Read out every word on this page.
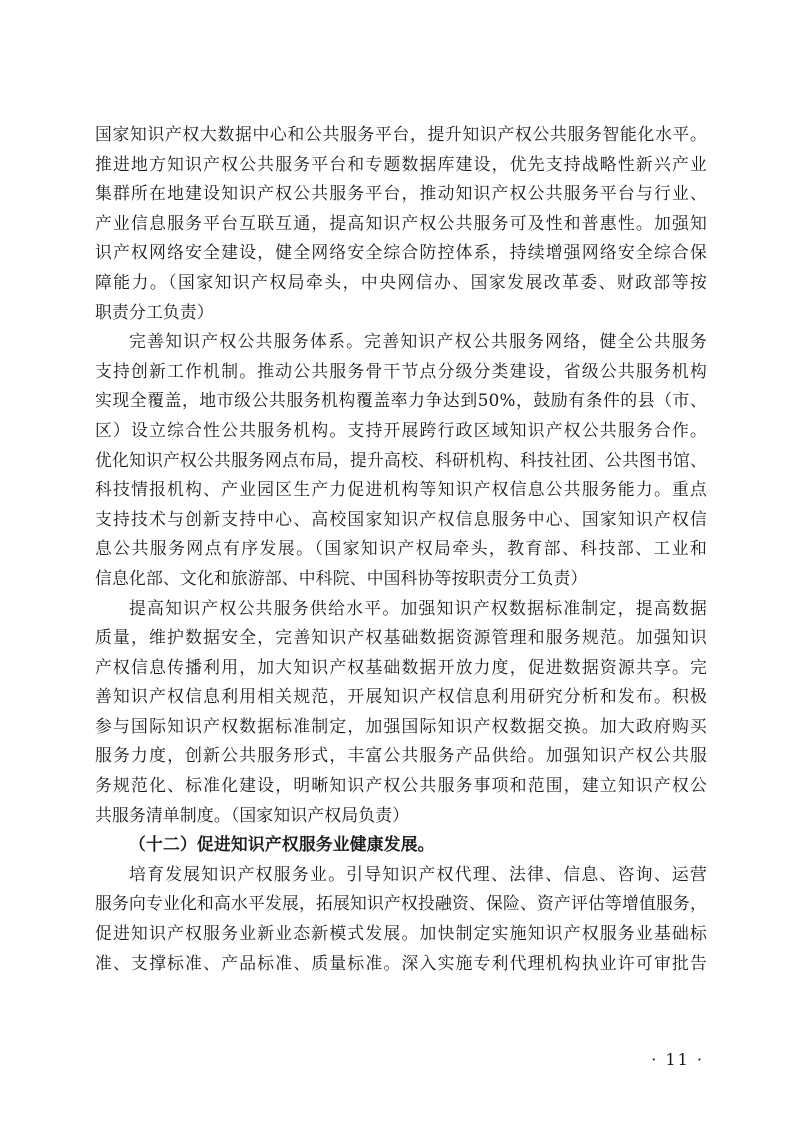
国家知识产权大数据中心和公共服务平台，提升知识产权公共服务智能化水平。
推进地方知识产权公共服务平台和专题数据库建设，优先支持战略性新兴产业
集群所在地建设知识产权公共服务平台，推动知识产权公共服务平台与行业、
产业信息服务平台互联互通，提高知识产权公共服务可及性和普惠性。加强知
识产权网络安全建设，健全网络安全综合防控体系，持续增强网络安全综合保
障能力。（国家知识产权局牵头，中央网信办、国家发展改革委、财政部等按
职责分工负责）
完善知识产权公共服务体系。完善知识产权公共服务网络，健全公共服务
支持创新工作机制。推动公共服务骨干节点分级分类建设，省级公共服务机构
实现全覆盖，地市级公共服务机构覆盖率力争达到50%，鼓励有条件的县（市、
区）设立综合性公共服务机构。支持开展跨行政区域知识产权公共服务合作。
优化知识产权公共服务网点布局，提升高校、科研机构、科技社团、公共图书馆、
科技情报机构、产业园区生产力促进机构等知识产权信息公共服务能力。重点
支持技术与创新支持中心、高校国家知识产权信息服务中心、国家知识产权信
息公共服务网点有序发展。（国家知识产权局牵头，教育部、科技部、工业和
信息化部、文化和旅游部、中科院、中国科协等按职责分工负责）
提高知识产权公共服务供给水平。加强知识产权数据标准制定，提高数据
质量，维护数据安全，完善知识产权基础数据资源管理和服务规范。加强知识
产权信息传播利用，加大知识产权基础数据开放力度，促进数据资源共享。完
善知识产权信息利用相关规范，开展知识产权信息利用研究分析和发布。积极
参与国际知识产权数据标准制定，加强国际知识产权数据交换。加大政府购买
服务力度，创新公共服务形式，丰富公共服务产品供给。加强知识产权公共服
务规范化、标准化建设，明晰知识产权公共服务事项和范围，建立知识产权公
共服务清单制度。（国家知识产权局负责）
（十二）促进知识产权服务业健康发展。
培育发展知识产权服务业。引导知识产权代理、法律、信息、咨询、运营
服务向专业化和高水平发展，拓展知识产权投融资、保险、资产评估等增值服务，
促进知识产权服务业新业态新模式发展。加快制定实施知识产权服务业基础标
准、支撑标准、产品标准、质量标准。深入实施专利代理机构执业许可审批告
· 11 ·
